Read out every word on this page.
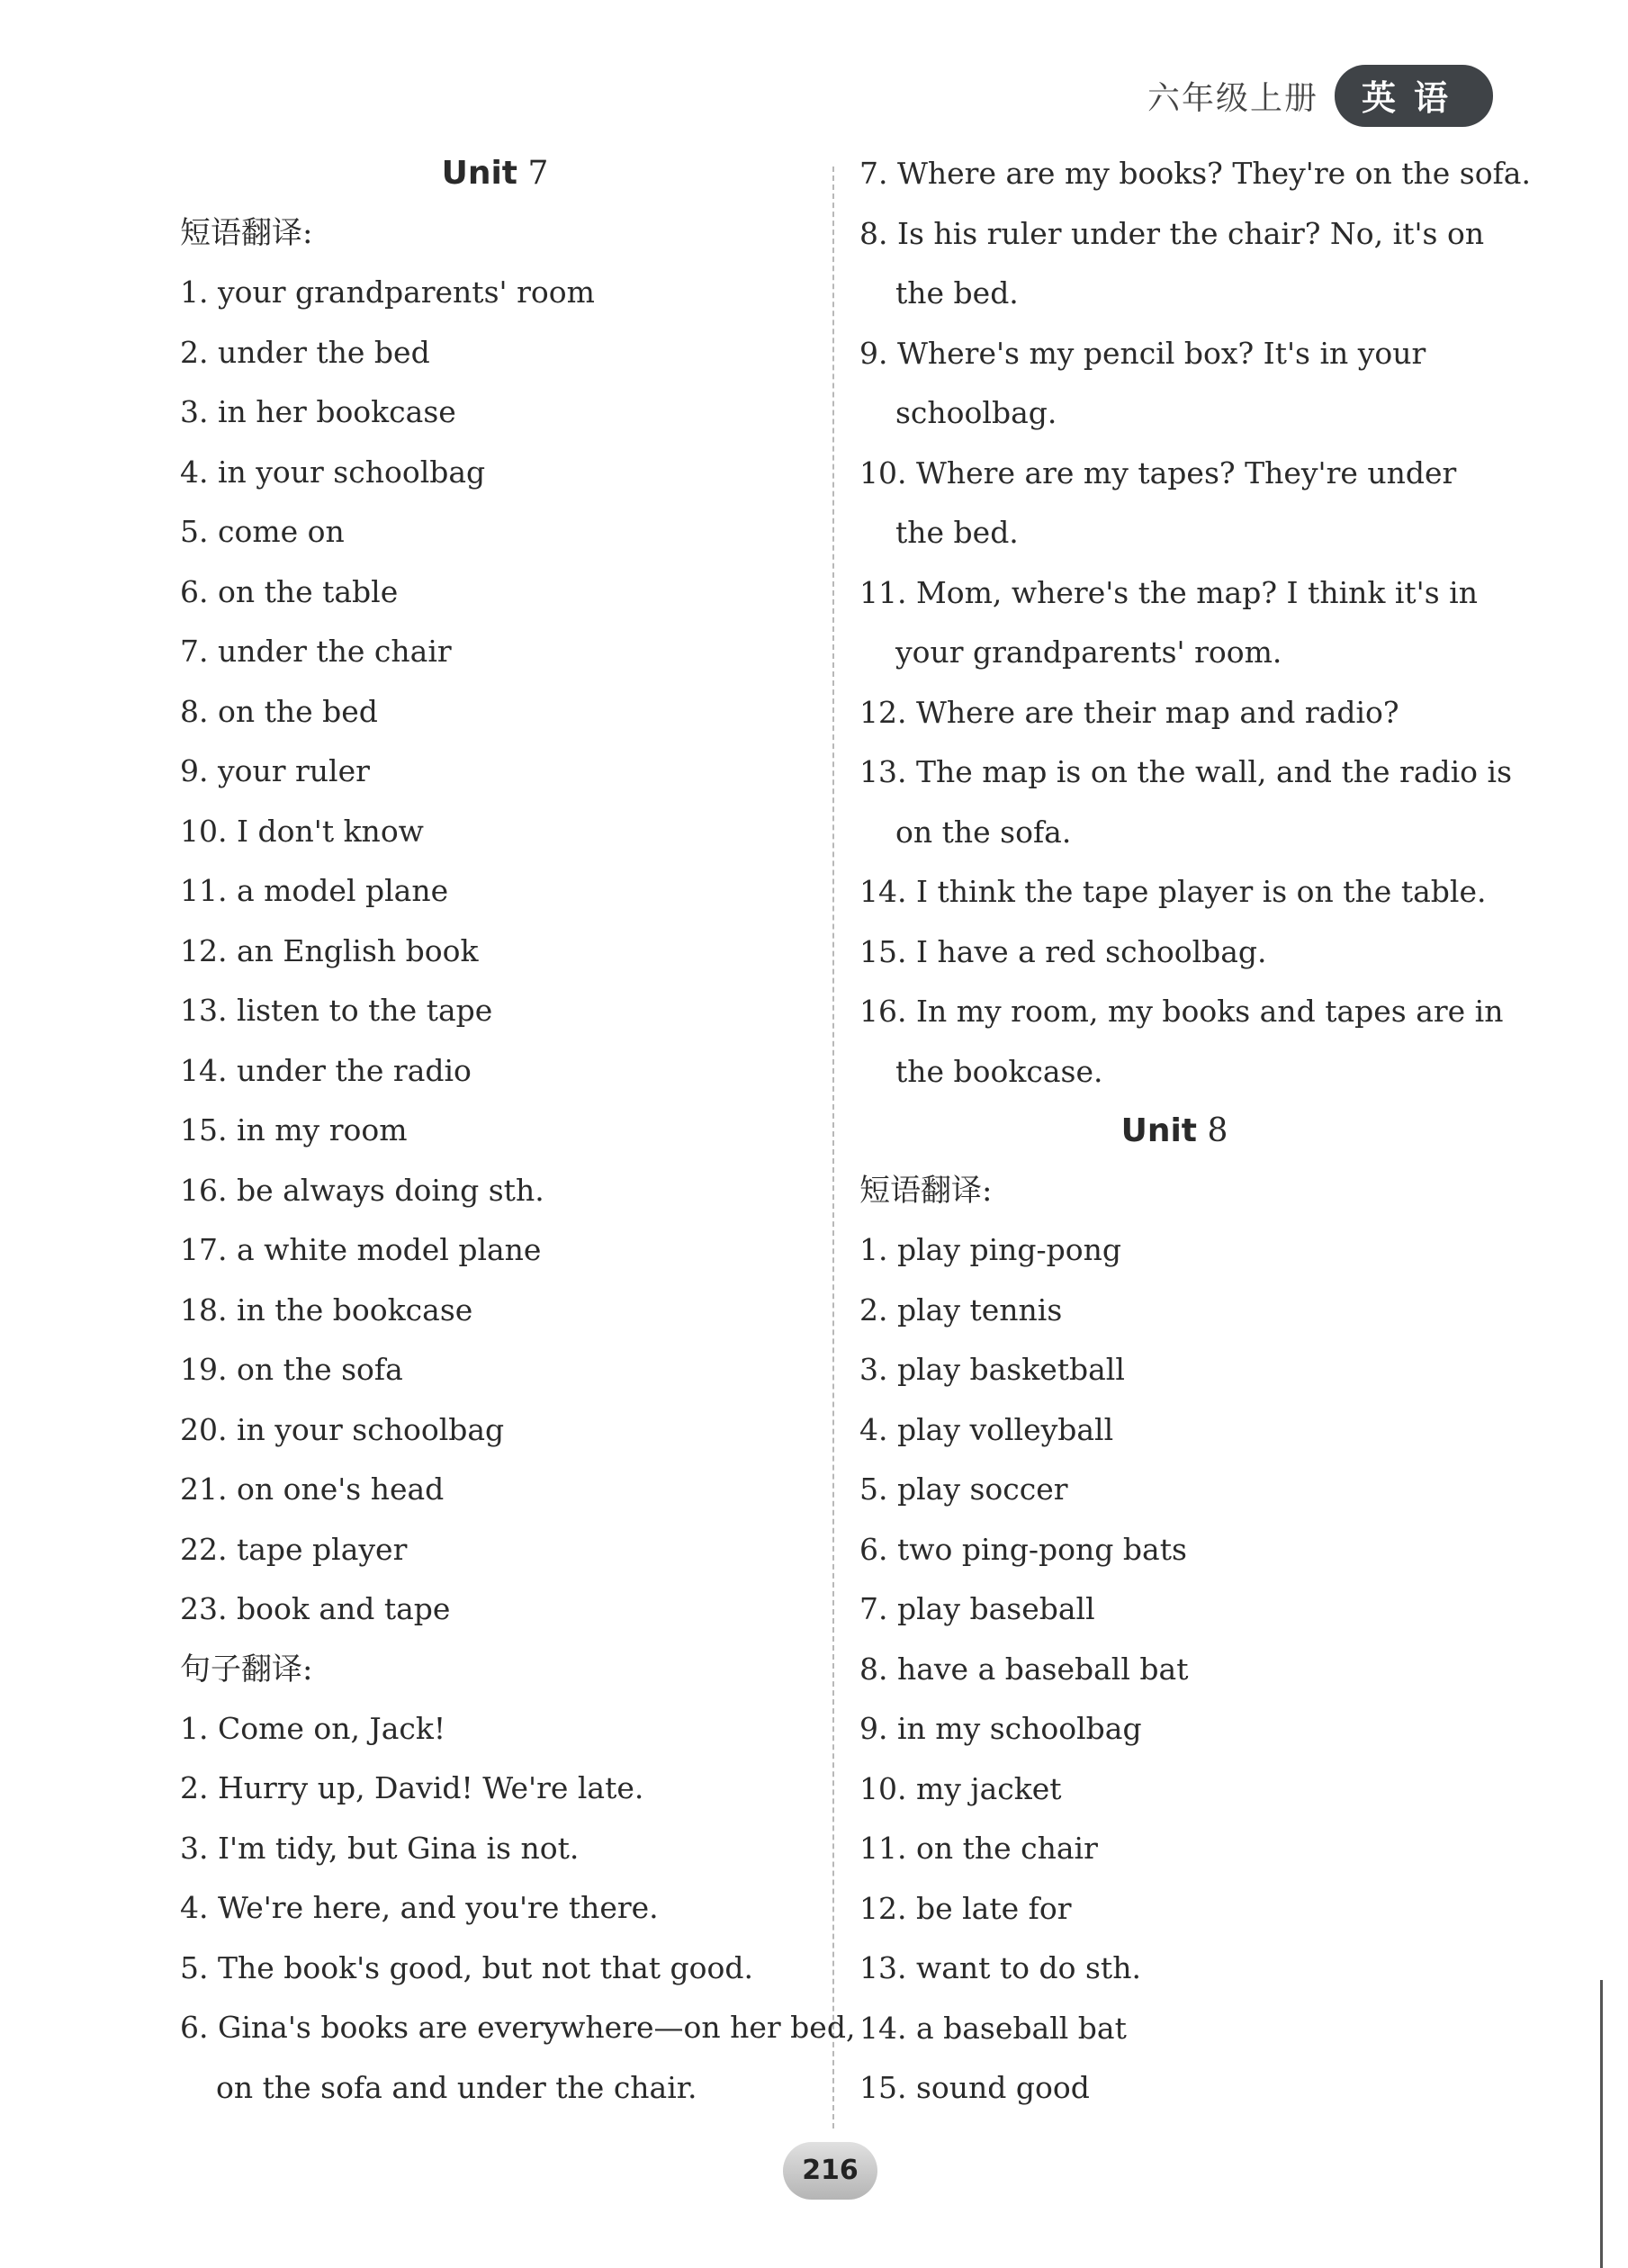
六年级上册	英语
Unit 7
短语翻译:
1. your grandparents' room
2. under the bed
3. in her bookcase
4. in your schoolbag
5. come on
6. on the table
7. under the chair
8. on the bed
9. your ruler
10. I don't know
11. a model plane
12. an English book
13. listen to the tape
14. under the radio
15. in my room
16. be always doing sth.
17. a white model plane
18. in the bookcase
19. on the sofa
20. in your schoolbag
21. on one's head
22. tape player
23. book and tape
句子翻译:
1. Come on, Jack!
2. Hurry up, David! We're late.
3. I'm tidy, but Gina is not.
4. We're here, and you're there.
5. The book's good, but not that good.
6. Gina's books are everywhere—on her bed,
on the sofa and under the chair.
7. Where are my books? They're on the sofa.
8. Is his ruler under the chair? No, it's on
the bed.
9. Where's my pencil box? It's in your
schoolbag.
10. Where are my tapes? They're under
the bed.
11. Mom, where's the map? I think it's in
your grandparents' room.
12. Where are their map and radio?
13. The map is on the wall, and the radio is
on the sofa.
14. I think the tape player is on the table.
15. I have a red schoolbag.
16. In my room, my books and tapes are in
the bookcase.
Unit 8
短语翻译:
1. play ping-pong
2. play tennis
3. play basketball
4. play volleyball
5. play soccer
6. two ping-pong bats
7. play baseball
8. have a baseball bat
9. in my schoolbag
10. my jacket
11. on the chair
12. be late for
13. want to do sth.
14. a baseball bat
15. sound good
216
